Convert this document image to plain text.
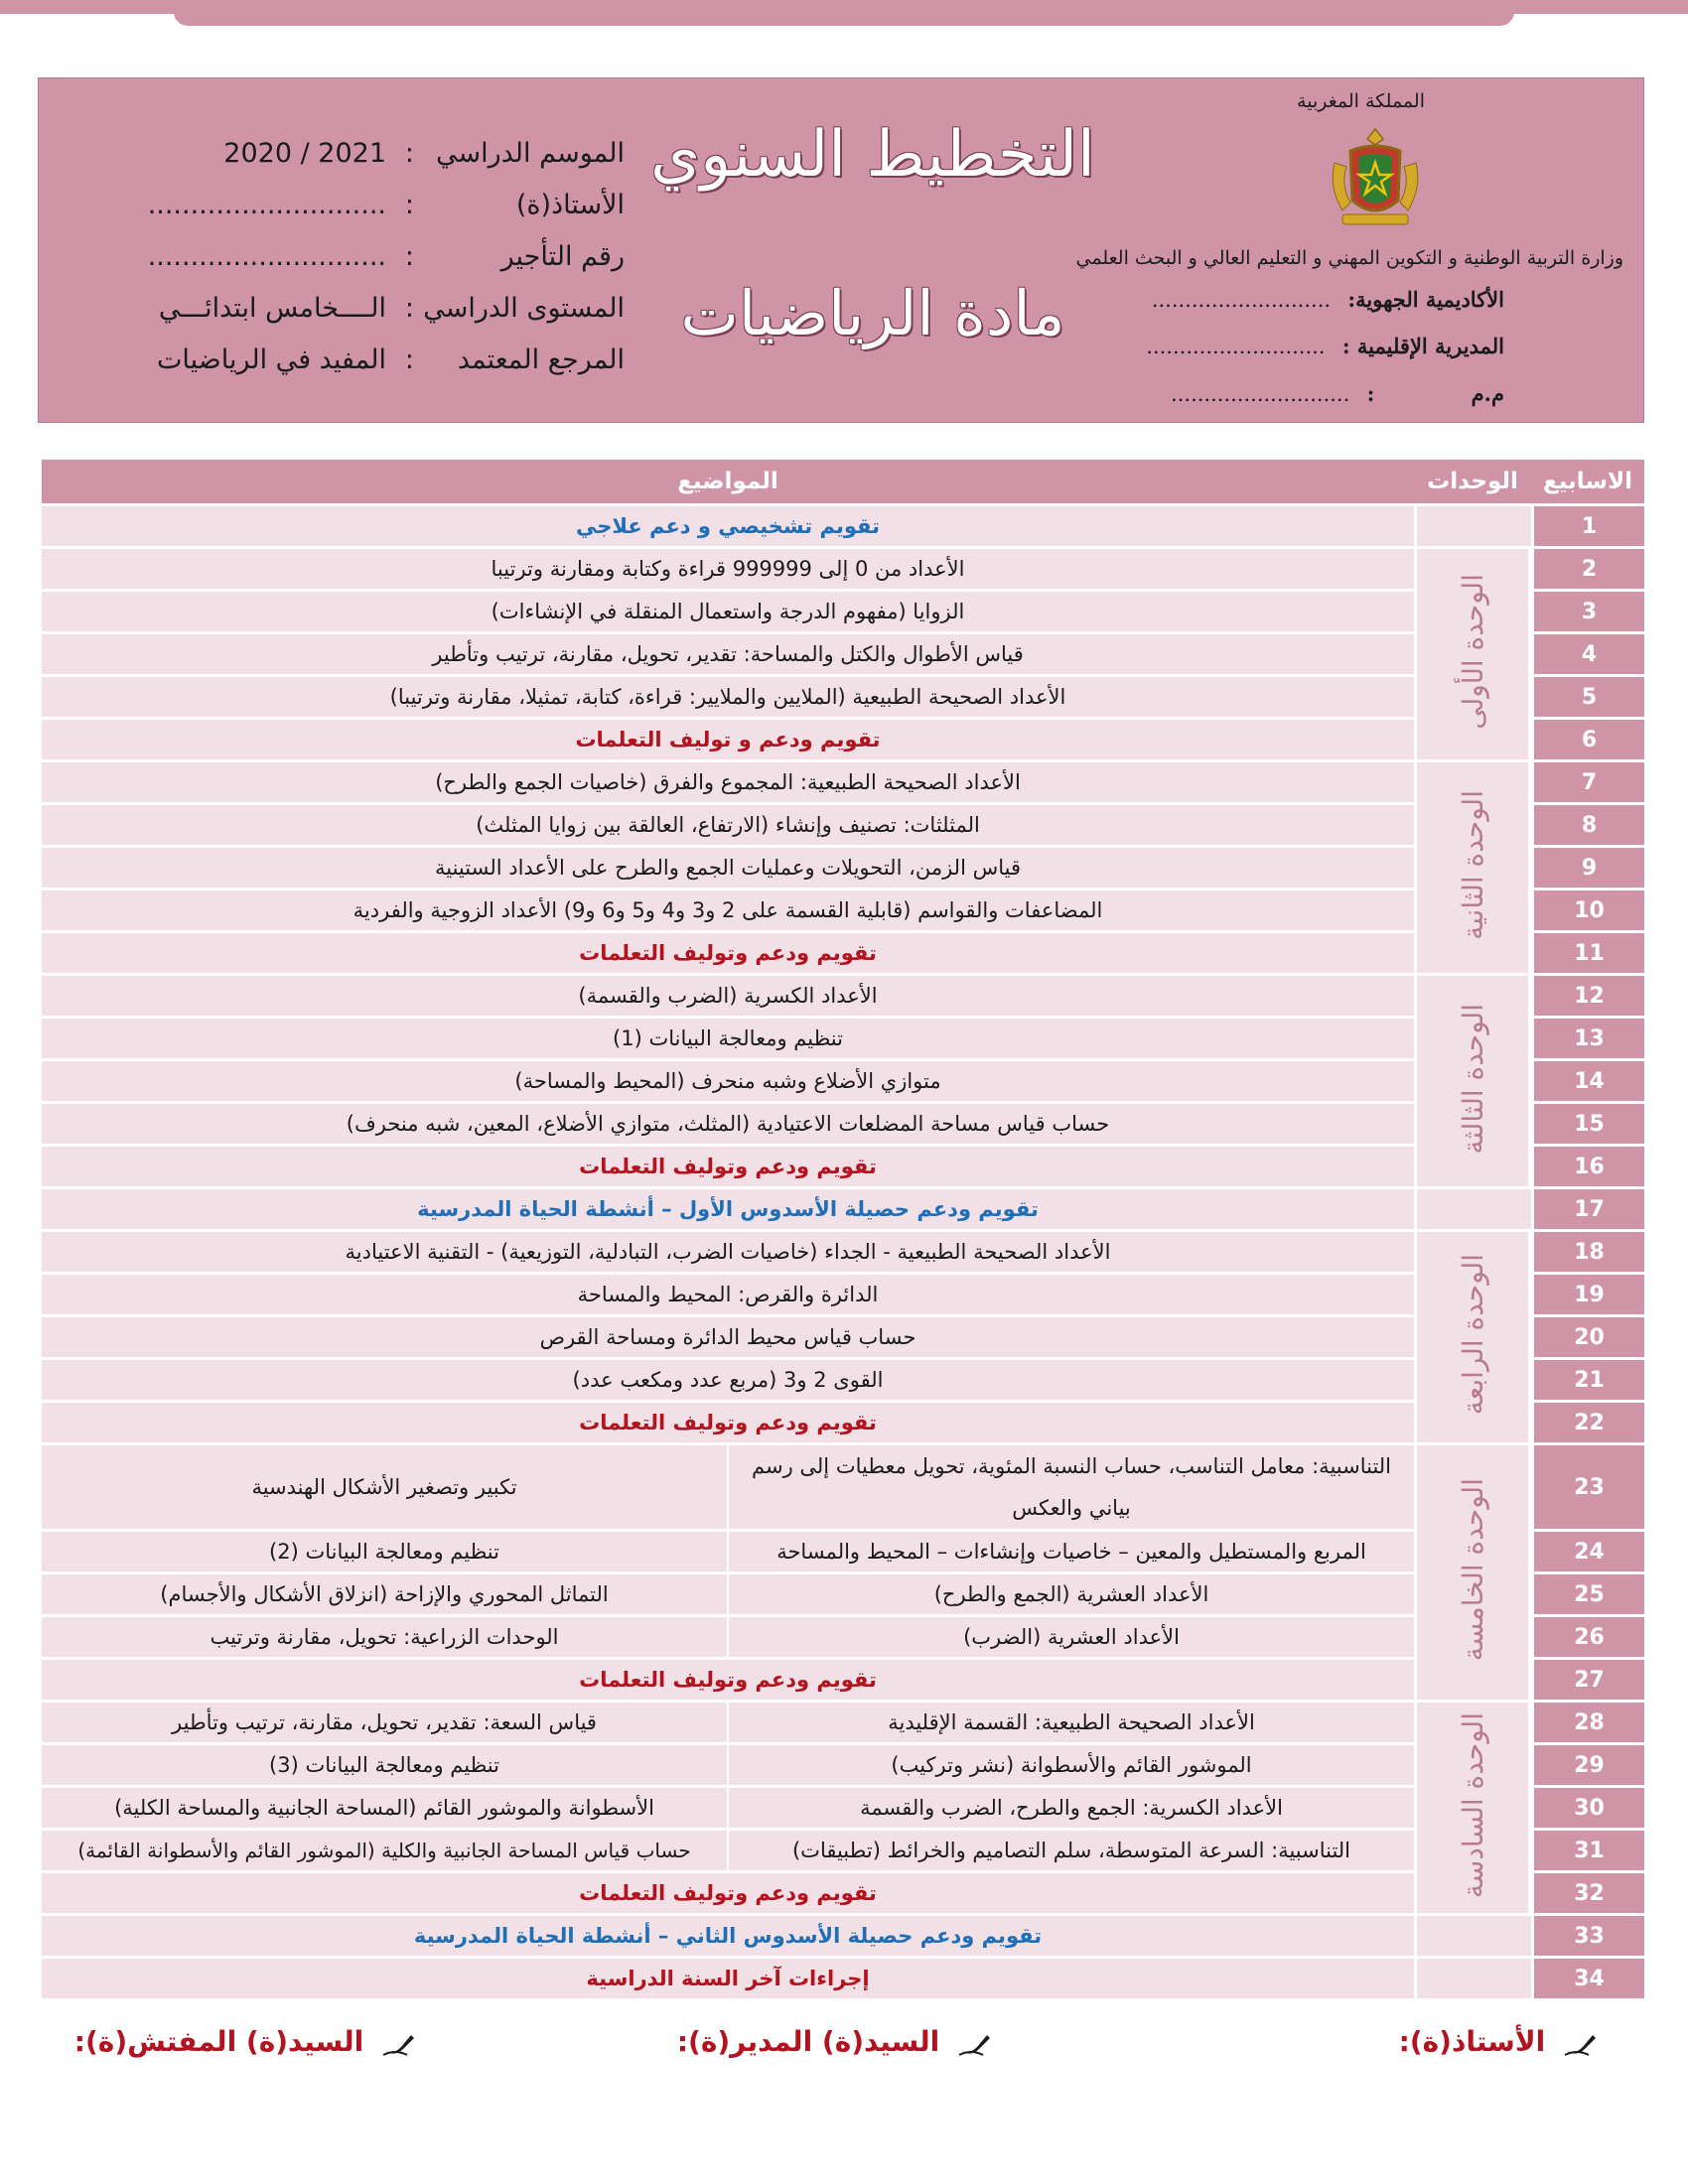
المملكة المغربية
وزارة التربية الوطنية و التكوين المهني و التعليم العالي و البحث العلمي
الأكاديمية الجهوية: ...........................
المديرية الإقليمية : ...........................
م.م : ...........................
التخطيط السنوي
مادة الرياضيات
الموسم الدراسي
:
2021 / 2020
الأستاذ(ة)
:
............................
رقم التأجير
:
............................
المستوى الدراسي
:
الــــخامس ابتدائـــي
المرجع المعتمد
:
المفيد في الرياضيات
الاسابيع	الوحدات	المواضيع	
1		تقويم تشخيصي و دعم علاجي	
2	الوحدة الأولى	الأعداد من 0 إلى 999999 قراءة وكتابة ومقارنة وترتيبا	
3		الزوايا (مفهوم الدرجة واستعمال المنقلة في الإنشاءات)	
4		قياس الأطوال والكتل والمساحة: تقدير، تحويل، مقارنة، ترتيب وتأطير	
5		الأعداد الصحيحة الطبيعية (الملايين والملايير: قراءة، كتابة، تمثيلا، مقارنة وترتيبا)	
6		تقويم ودعم و توليف التعلمات	
7	الوحدة الثانية	الأعداد الصحيحة الطبيعية: المجموع والفرق (خاصيات الجمع والطرح)	
8		المثلثات: تصنيف وإنشاء (الارتفاع، العالقة بين زوايا المثلث)	
9		قياس الزمن، التحويلات وعمليات الجمع والطرح على الأعداد الستينية	
10		المضاعفات والقواسم (قابلية القسمة على 2 و3 و4 و5 و6 و9) الأعداد الزوجية والفردية	
11		تقويم ودعم وتوليف التعلمات	
12	الوحدة الثالثة	الأعداد الكسرية (الضرب والقسمة)	
13		تنظيم ومعالجة البيانات (1)	
14		متوازي الأضلاع وشبه منحرف (المحيط والمساحة)	
15		حساب قياس مساحة المضلعات الاعتيادية (المثلث، متوازي الأضلاع، المعين، شبه منحرف)	
16		تقويم ودعم وتوليف التعلمات	
17		تقويم ودعم حصيلة الأسدوس الأول – أنشطة الحياة المدرسية	
18	الوحدة الرابعة	الأعداد الصحيحة الطبيعية - الجداء (خاصيات الضرب، التبادلية، التوزيعية) - التقنية الاعتيادية	
19		الدائرة والقرص: المحيط والمساحة	
20		حساب قياس محيط الدائرة ومساحة القرص	
21		القوى 2 و3 (مربع عدد ومكعب عدد)	
22		تقويم ودعم وتوليف التعلمات	
23	الوحدة الخامسة	التناسبية: معامل التناسب، حساب النسبة المئوية، تحويل معطيات إلى رسم بياني والعكس	تكبير وتصغير الأشكال الهندسية
24		المربع والمستطيل والمعين – خاصيات وإنشاءات – المحيط والمساحة	تنظيم ومعالجة البيانات (2)
25		الأعداد العشرية (الجمع والطرح)	التماثل المحوري والإزاحة (انزلاق الأشكال والأجسام)
26		الأعداد العشرية (الضرب)	الوحدات الزراعية: تحويل، مقارنة وترتيب
27		تقويم ودعم وتوليف التعلمات	
28	الوحدة السادسة	الأعداد الصحيحة الطبيعية: القسمة الإقليدية	قياس السعة: تقدير، تحويل، مقارنة، ترتيب وتأطير
29		الموشور القائم والأسطوانة (نشر وتركيب)	تنظيم ومعالجة البيانات (3)
30		الأعداد الكسرية: الجمع والطرح، الضرب والقسمة	الأسطوانة والموشور القائم (المساحة الجانبية والمساحة الكلية)
31		التناسبية: السرعة المتوسطة، سلم التصاميم والخرائط (تطبيقات)	حساب قياس المساحة الجانبية والكلية (الموشور القائم والأسطوانة القائمة)
32		تقويم ودعم وتوليف التعلمات	
33		تقويم ودعم حصيلة الأسدوس الثاني – أنشطة الحياة المدرسية	
34		إجراءات آخر السنة الدراسية	
الأستاذ(ة):
السيد(ة) المدير(ة):
السيد(ة) المفتش(ة):
